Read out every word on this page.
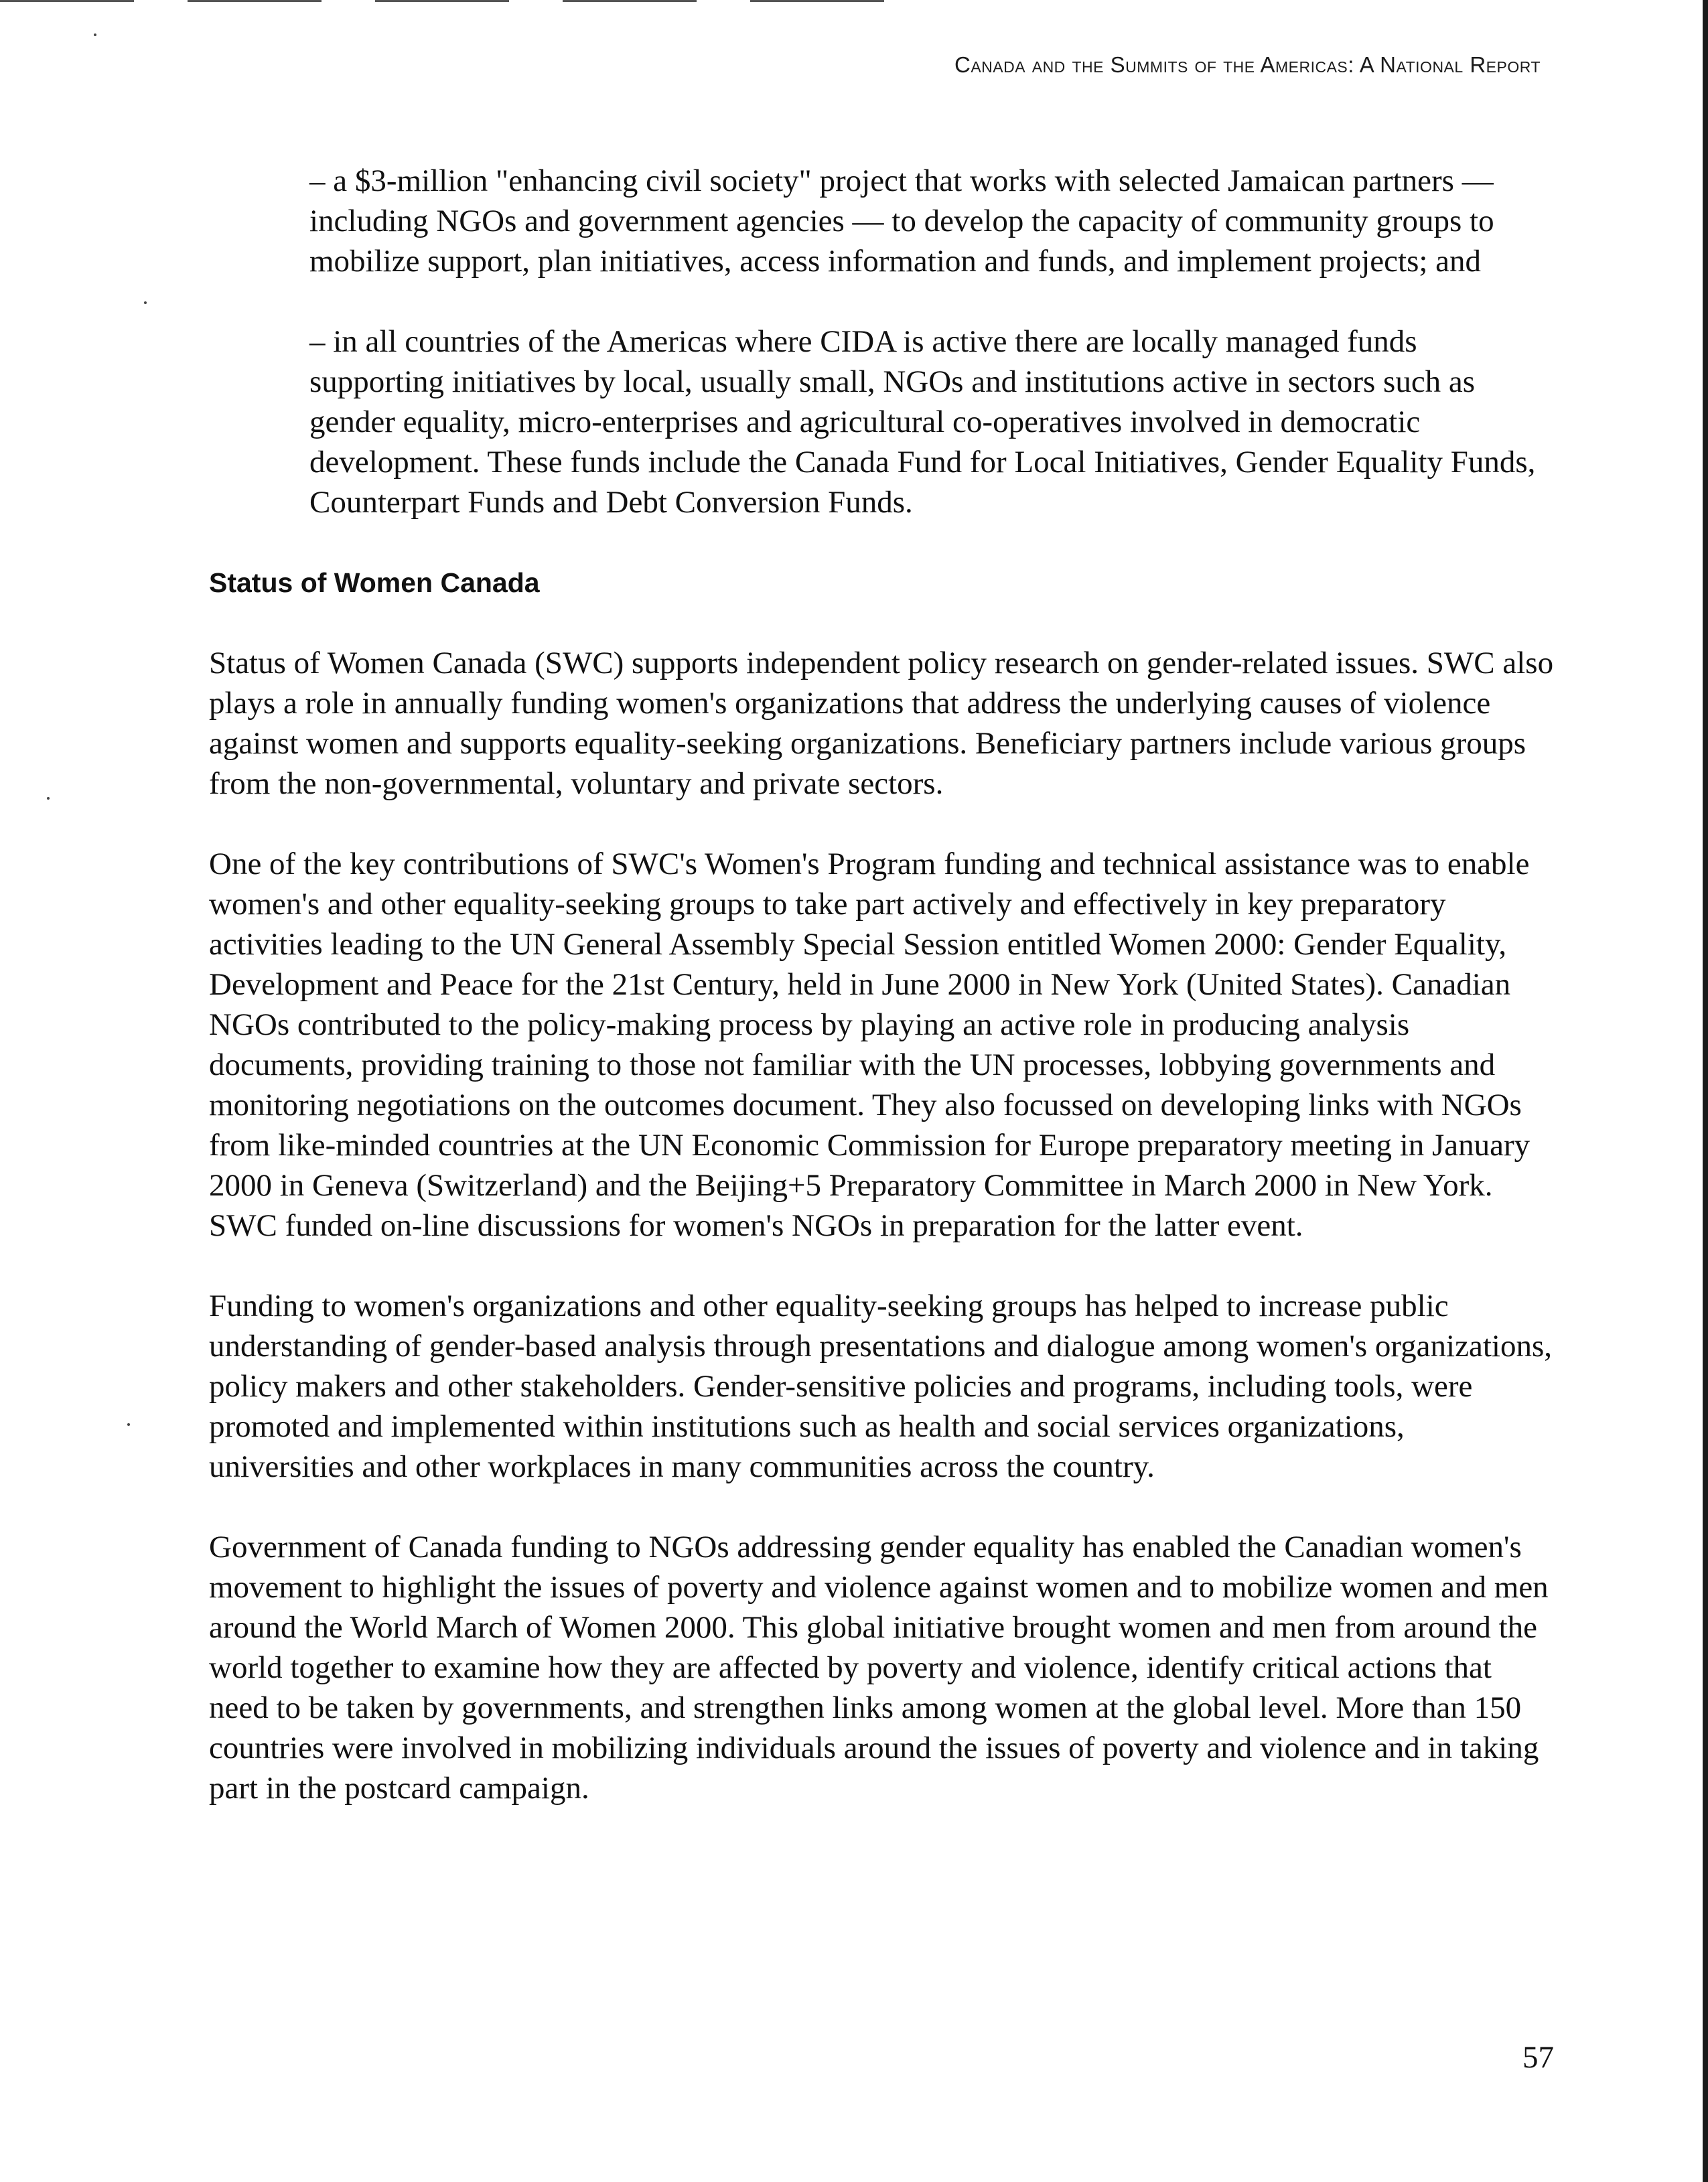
Canada and the Summits of the Americas: A National Report

– a $3-million "enhancing civil society" project that works with selected Jamaican partners — including NGOs and government agencies — to develop the capacity of community groups to mobilize support, plan initiatives, access information and funds, and implement projects; and

– in all countries of the Americas where CIDA is active there are locally managed funds supporting initiatives by local, usually small, NGOs and institutions active in sectors such as gender equality, micro-enterprises and agricultural co-operatives involved in democratic development. These funds include the Canada Fund for Local Initiatives, Gender Equality Funds, Counterpart Funds and Debt Conversion Funds.

Status of Women Canada

Status of Women Canada (SWC) supports independent policy research on gender-related issues. SWC also plays a role in annually funding women's organizations that address the underlying causes of violence against women and supports equality-seeking organizations. Beneficiary partners include various groups from the non-governmental, voluntary and private sectors.

One of the key contributions of SWC's Women's Program funding and technical assistance was to enable women's and other equality-seeking groups to take part actively and effectively in key preparatory activities leading to the UN General Assembly Special Session entitled Women 2000: Gender Equality, Development and Peace for the 21st Century, held in June 2000 in New York (United States). Canadian NGOs contributed to the policy-making process by playing an active role in producing analysis documents, providing training to those not familiar with the UN processes, lobbying governments and monitoring negotiations on the outcomes document. They also focussed on developing links with NGOs from like-minded countries at the UN Economic Commission for Europe preparatory meeting in January 2000 in Geneva (Switzerland) and the Beijing+5 Preparatory Committee in March 2000 in New York. SWC funded on-line discussions for women's NGOs in preparation for the latter event.

Funding to women's organizations and other equality-seeking groups has helped to increase public understanding of gender-based analysis through presentations and dialogue among women's organizations, policy makers and other stakeholders. Gender-sensitive policies and programs, including tools, were promoted and implemented within institutions such as health and social services organizations, universities and other workplaces in many communities across the country.

Government of Canada funding to NGOs addressing gender equality has enabled the Canadian women's movement to highlight the issues of poverty and violence against women and to mobilize women and men around the World March of Women 2000. This global initiative brought women and men from around the world together to examine how they are affected by poverty and violence, identify critical actions that need to be taken by governments, and strengthen links among women at the global level. More than 150 countries were involved in mobilizing individuals around the issues of poverty and violence and in taking part in the postcard campaign.

57
